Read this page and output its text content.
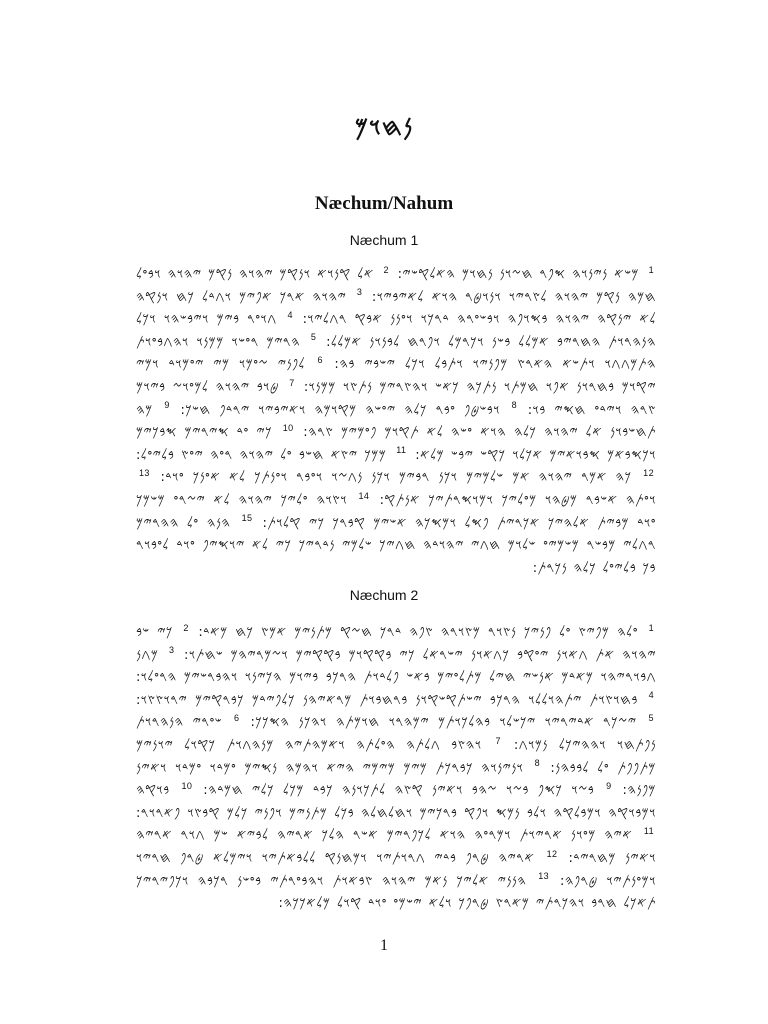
𐤍𐤇𐤅𐤌
Næchum/Nahum
Næchum 1
$^1$ 𐤌𐤔𐤀 𐤍𐤉𐤍𐤅𐤄 𐤎𐤐𐤓 𐤇𐤆𐤅𐤍 𐤍𐤇𐤅𐤌 𐤄𐤀𐤋𐤒𐤔𐤉: $^2$ 𐤀𐤋 𐤒𐤍𐤅𐤀 𐤅𐤍𐤒𐤌 𐤉𐤄𐤅𐤄 𐤍𐤒𐤌 𐤉𐤄𐤅𐤄 𐤅𐤁𐤏𐤋 𐤇𐤌𐤄 𐤍𐤒𐤌 𐤉𐤄𐤅𐤄 𐤋𐤑𐤓𐤉𐤅 𐤅𐤍𐤅𐤈𐤓 𐤄𐤅𐤀 𐤋𐤀𐤉𐤁𐤉𐤅: $^3$ 𐤉𐤄𐤅𐤄 𐤀𐤓𐤊 𐤀𐤐𐤉𐤌 𐤅𐤂𐤃𐤋 𐤊𐤇 𐤅𐤍𐤒𐤄 𐤋𐤀 𐤉𐤍𐤒𐤄 𐤉𐤄𐤅𐤄 𐤁𐤎𐤅𐤐𐤄 𐤅𐤁𐤔𐤏𐤓𐤄 𐤃𐤓𐤊𐤅 𐤅𐤏𐤍𐤍 𐤀𐤁𐤒 𐤓𐤂𐤋𐤉𐤅: $^4$ 𐤂𐤅𐤏𐤓 𐤁𐤉𐤌 𐤅𐤉𐤁𐤔𐤄𐤅 𐤅𐤊𐤋 𐤄𐤍𐤄𐤓𐤅𐤕 𐤄𐤇𐤓𐤉𐤁 𐤀𐤌𐤋𐤋 𐤁𐤔𐤍 𐤅𐤊𐤓𐤌𐤋 𐤅𐤐𐤓𐤇 𐤋𐤁𐤍𐤅𐤍 𐤀𐤌𐤋𐤋: $^5$ 𐤄𐤓𐤉𐤌 𐤓𐤏𐤔𐤅 𐤌𐤌𐤍𐤅 𐤅𐤄𐤂𐤁𐤏𐤅𐤕 𐤄𐤕𐤌𐤂𐤂𐤅 𐤅𐤕𐤔𐤀 𐤄𐤀𐤓𐤑 𐤌𐤐𐤍𐤉𐤅 𐤅𐤕𐤁𐤋 𐤅𐤊𐤋 𐤉𐤔𐤁𐤉 𐤁𐤄: $^6$ 𐤋𐤐𐤍𐤉 𐤆𐤏𐤌𐤅 𐤌𐤉 𐤉𐤏𐤌𐤅𐤃 𐤅𐤌𐤉 𐤉𐤒𐤅𐤌 𐤁𐤇𐤓𐤅𐤍 𐤀𐤐𐤅 𐤇𐤌𐤕𐤅 𐤍𐤕𐤊𐤄 𐤊𐤀𐤔 𐤅𐤄𐤑𐤓𐤉𐤌 𐤍𐤕𐤑𐤅 𐤌𐤌𐤍𐤅: $^7$ 𐤈𐤅𐤁 𐤉𐤄𐤅𐤄 𐤋𐤌𐤏𐤅𐤆 𐤁𐤉𐤅𐤌 𐤑𐤓𐤄 𐤅𐤉𐤃𐤏 𐤇𐤎𐤉 𐤁𐤅: $^8$ 𐤅𐤁𐤔𐤈𐤐 𐤏𐤁𐤓 𐤊𐤋𐤄 𐤉𐤏𐤔𐤄 𐤌𐤒𐤅𐤌𐤄 𐤅𐤀𐤉𐤁𐤉𐤅 𐤉𐤓𐤃𐤐 𐤇𐤔𐤊: $^9$ 𐤌𐤄 𐤕𐤇𐤔𐤁𐤅𐤍 𐤀𐤋 𐤉𐤄𐤅𐤄 𐤊𐤋𐤄 𐤄𐤅𐤀 𐤏𐤔𐤄 𐤋𐤀 𐤕𐤒𐤅𐤌 𐤐𐤏𐤌𐤉𐤌 𐤑𐤓𐤄: $^{10}$ 𐤊𐤉 𐤏𐤃 𐤎𐤉𐤓𐤉𐤌 𐤎𐤁𐤊𐤉𐤌 𐤅𐤊𐤎𐤁𐤀𐤌 𐤎𐤁𐤅𐤀𐤉𐤌 𐤀𐤊𐤋𐤅 𐤊𐤒𐤔 𐤉𐤁𐤔 𐤌𐤋𐤀: $^{11}$ 𐤌𐤌𐤊 𐤉𐤑𐤀 𐤇𐤔𐤁 𐤏𐤋 𐤉𐤄𐤅𐤄 𐤓𐤏𐤄 𐤉𐤏𐤑 𐤁𐤋𐤉𐤏𐤋: $^{12}$ 𐤊𐤄 𐤀𐤌𐤓 𐤉𐤄𐤅𐤄 𐤀𐤌 𐤔𐤋𐤌𐤉𐤌 𐤅𐤊𐤍 𐤓𐤁𐤉𐤌 𐤅𐤊𐤍 𐤍𐤂𐤆𐤅 𐤅𐤏𐤁𐤓 𐤅𐤏𐤍𐤕𐤊 𐤋𐤀 𐤀𐤏𐤍𐤊 𐤏𐤅𐤃: $^{13}$ 𐤅𐤏𐤕𐤄 𐤀𐤔𐤁𐤓 𐤌𐤈𐤄𐤅 𐤌𐤏𐤋𐤉𐤊 𐤅𐤌𐤅𐤎𐤓𐤕𐤉𐤊 𐤀𐤍𐤕𐤒: $^{14}$ 𐤅𐤑𐤅𐤄 𐤏𐤋𐤉𐤊 𐤉𐤄𐤅𐤄 𐤋𐤀 𐤉𐤆𐤓𐤏 𐤌𐤔𐤌𐤊 𐤏𐤅𐤃 𐤌𐤁𐤉𐤕 𐤀𐤋𐤄𐤉𐤊 𐤀𐤊𐤓𐤉𐤕 𐤐𐤎𐤋 𐤅𐤌𐤎𐤊𐤄 𐤀𐤔𐤉𐤌 𐤒𐤁𐤓𐤊 𐤊𐤉 𐤒𐤋𐤅𐤕: $^{15}$ 𐤄𐤍𐤄 𐤏𐤋 𐤄𐤄𐤓𐤉𐤌 𐤓𐤂𐤋𐤉 𐤌𐤁𐤔𐤓 𐤌𐤔𐤌𐤉𐤏 𐤔𐤋𐤅𐤌 𐤇𐤂𐤉 𐤉𐤄𐤅𐤃𐤄 𐤇𐤂𐤉𐤊 𐤔𐤋𐤌𐤉 𐤍𐤃𐤓𐤉𐤊 𐤊𐤉 𐤋𐤀 𐤉𐤅𐤎𐤉𐤐 𐤏𐤅𐤃 𐤋𐤏𐤁𐤅𐤓 𐤁𐤊 𐤁𐤋𐤉𐤏𐤋 𐤊𐤋𐤄 𐤍𐤊𐤓𐤕:
Næchum 2
$^1$ 𐤏𐤋𐤄 𐤌𐤐𐤉𐤑 𐤏𐤋 𐤐𐤍𐤉𐤊 𐤍𐤑𐤅𐤓 𐤌𐤑𐤅𐤓𐤄 𐤑𐤐𐤄 𐤃𐤓𐤊 𐤇𐤆𐤒 𐤌𐤕𐤍𐤉𐤌 𐤀𐤌𐤑 𐤊𐤇 𐤌𐤀𐤃: $^2$ 𐤊𐤉 𐤔𐤁 𐤉𐤄𐤅𐤄 𐤀𐤕 𐤂𐤀𐤅𐤍 𐤉𐤏𐤒𐤁 𐤊𐤂𐤀𐤅𐤍 𐤉𐤔𐤓𐤀𐤋 𐤊𐤉 𐤁𐤒𐤒𐤅𐤌 𐤁𐤒𐤒𐤉𐤌 𐤅𐤆𐤌𐤓𐤉𐤄𐤌 𐤔𐤇𐤕𐤅: $^3$ 𐤌𐤂𐤍 𐤂𐤁𐤅𐤓𐤉𐤄𐤅 𐤌𐤀𐤃𐤌 𐤀𐤍𐤔𐤉 𐤇𐤉𐤋 𐤌𐤕𐤋𐤏𐤉𐤌 𐤁𐤀𐤔 𐤐𐤋𐤃𐤅𐤕 𐤄𐤓𐤊𐤁 𐤁𐤉𐤅𐤌 𐤄𐤊𐤉𐤍𐤅 𐤅𐤄𐤁𐤓𐤔𐤉𐤌 𐤄𐤓𐤏𐤋𐤅: $^4$ 𐤁𐤇𐤅𐤑𐤅𐤕 𐤉𐤕𐤄𐤅𐤋𐤋𐤅 𐤄𐤓𐤊𐤁 𐤉𐤔𐤕𐤒𐤔𐤒𐤅𐤍 𐤁𐤓𐤇𐤁𐤅𐤕 𐤌𐤓𐤀𐤉𐤄𐤍 𐤊𐤋𐤐𐤉𐤃𐤌 𐤊𐤁𐤓𐤒𐤉𐤌 𐤉𐤓𐤅𐤑𐤑𐤅: $^5$ 𐤉𐤆𐤊𐤓 𐤀𐤃𐤉𐤓𐤉𐤅 𐤉𐤊𐤔𐤋𐤅 𐤁𐤄𐤋𐤊𐤅𐤕𐤌 𐤉𐤌𐤄𐤓𐤅 𐤇𐤅𐤌𐤕𐤄 𐤅𐤄𐤊𐤍 𐤄𐤎𐤊𐤊: $^6$ 𐤔𐤏𐤓𐤉 𐤄𐤍𐤄𐤓𐤅𐤕 𐤍𐤐𐤕𐤇𐤅 𐤅𐤄𐤄𐤉𐤊𐤋 𐤍𐤌𐤅𐤂: $^7$ 𐤅𐤄𐤑𐤁 𐤂𐤋𐤕𐤄 𐤄𐤏𐤋𐤕𐤄 𐤅𐤀𐤌𐤄𐤕𐤉𐤄 𐤌𐤍𐤄𐤂𐤅𐤕 𐤊𐤒𐤅𐤋 𐤉𐤅𐤍𐤉𐤌 𐤌𐤕𐤐𐤐𐤕 𐤏𐤋 𐤋𐤁𐤁𐤄𐤍: $^8$ 𐤅𐤍𐤉𐤍𐤅𐤄 𐤊𐤁𐤓𐤊𐤕 𐤌𐤉𐤌 𐤌𐤉𐤌𐤉 𐤄𐤉𐤀 𐤅𐤄𐤌𐤄 𐤍𐤎𐤉𐤌 𐤏𐤌𐤃𐤅 𐤏𐤌𐤃𐤅 𐤅𐤀𐤉𐤍 𐤌𐤐𐤍𐤄: $^9$ 𐤁𐤆𐤅 𐤊𐤎𐤐 𐤁𐤆𐤅 𐤆𐤄𐤁 𐤅𐤀𐤉𐤍 𐤒𐤑𐤄 𐤋𐤕𐤊𐤅𐤍𐤄 𐤊𐤁𐤃 𐤌𐤊𐤋 𐤊𐤋𐤉 𐤇𐤌𐤃𐤄: $^{10}$ 𐤁𐤅𐤒𐤄 𐤅𐤌𐤁𐤅𐤒𐤄 𐤅𐤌𐤁𐤋𐤒𐤄 𐤅𐤋𐤁 𐤍𐤌𐤎 𐤅𐤐𐤒 𐤁𐤓𐤊𐤉𐤌 𐤅𐤇𐤋𐤇𐤋𐤄 𐤁𐤊𐤋 𐤌𐤕𐤍𐤉𐤌 𐤅𐤐𐤍𐤉 𐤊𐤋𐤌 𐤒𐤁𐤑𐤅 𐤐𐤀𐤓𐤅𐤓: $^{11}$ 𐤀𐤉𐤄 𐤌𐤏𐤅𐤍 𐤀𐤓𐤉𐤅𐤕 𐤅𐤌𐤓𐤏𐤄 𐤄𐤅𐤀 𐤋𐤊𐤐𐤓𐤉𐤌 𐤀𐤔𐤓 𐤄𐤋𐤊 𐤀𐤓𐤉𐤄 𐤋𐤁𐤉𐤀 𐤔𐤌 𐤂𐤅𐤓 𐤀𐤓𐤉𐤄 𐤅𐤀𐤉𐤍 𐤌𐤇𐤓𐤉𐤃: $^{12}$ 𐤀𐤓𐤉𐤄 𐤈𐤓𐤐 𐤁𐤃𐤉 𐤂𐤓𐤅𐤕𐤉𐤅 𐤅𐤌𐤇𐤍𐤒 𐤋𐤋𐤁𐤀𐤕𐤉𐤅 𐤅𐤉𐤌𐤋𐤀 𐤈𐤓𐤐 𐤇𐤓𐤉𐤅 𐤅𐤌𐤏𐤍𐤕𐤉𐤅 𐤈𐤓𐤐𐤄: $^{13}$ 𐤄𐤍𐤍𐤉 𐤀𐤋𐤉𐤊 𐤍𐤀𐤌 𐤉𐤄𐤅𐤄 𐤑𐤁𐤀𐤅𐤕 𐤅𐤄𐤁𐤏𐤓𐤕𐤉 𐤁𐤏𐤔𐤍 𐤓𐤊𐤁𐤄 𐤅𐤊𐤐𐤉𐤓𐤉𐤊 𐤕𐤀𐤊𐤋 𐤇𐤓𐤁 𐤅𐤄𐤊𐤓𐤕𐤉 𐤌𐤀𐤓𐤑 𐤈𐤓𐤐𐤊 𐤅𐤋𐤀 𐤉𐤔𐤌𐤏 𐤏𐤅𐤃 𐤒𐤅𐤋 𐤌𐤋𐤀𐤊𐤊𐤄:
1
